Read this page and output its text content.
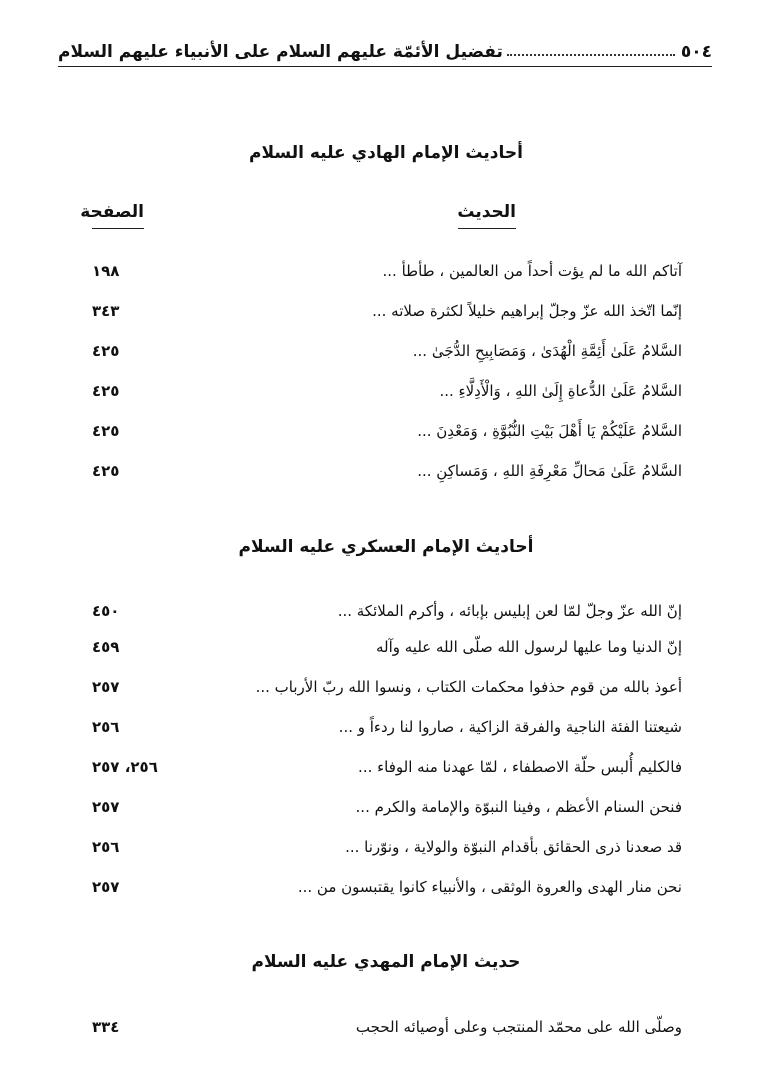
٥٠٤
تفضيل الأئمّة عليهم السلام على الأنبياء عليهم السلام
أحاديث الإمام الهادي عليه السلام
الحديث
الصفحة
آتاكم الله ما لم يؤت أحداً من العالمين ، طأطأ ...
١٩٨
إنّما اتّخذ الله عزّ وجلّ إبراهيم خليلاً لكثرة صلاته ...
٣٤٣
السَّلامُ عَلَىٰ أَئِمَّةِ الْهُدَىٰ ، وَمَصَابِيحِ الدُّجَىٰ ...
٤٢٥
السَّلامُ عَلَىٰ الدُّعاةِ إِلَىٰ اللهِ ، وَالْأَدِلَّاءِ ...
٤٢٥
السَّلامُ عَلَيْكُمْ يَا أَهْلَ بَيْتِ النُّبُوَّةِ ، وَمَعْدِنَ ...
٤٢٥
السَّلامُ عَلَىٰ مَحالِّ مَعْرِفَةِ اللهِ ، وَمَساكِنِ ...
٤٢٥
أحاديث الإمام العسكري عليه السلام
إنّ الله عزّ وجلّ لمّا لعن إبليس بإبائه ، وأكرم الملائكة ...
٤٥٠
إنّ الدنيا وما عليها لرسول الله صلّى الله عليه وآله
٤٥٩
أعوذ بالله من قوم حذفوا محكمات الكتاب ، ونسوا الله ربّ الأرباب ...
٢٥٧
شيعتنا الفئة الناجية والفرقة الزاكية ، صاروا لنا ردءاً و ...
٢٥٦
فالكليم أُلبس حلّة الاصطفاء ، لمّا عهدنا منه الوفاء ...
٢٥٦، ٢٥٧
فنحن السنام الأعظم ، وفينا النبوّة والإمامة والكرم ...
٢٥٧
قد صعدنا ذرى الحقائق بأقدام النبوّة والولاية ، ونوّرنا ...
٢٥٦
نحن منار الهدى والعروة الوثقى ، والأنبياء كانوا يقتبسون من ...
٢٥٧
حديث الإمام المهدي عليه السلام
وصلّى الله على محمّد المنتجب وعلى أوصيائه الحجب
٣٣٤
